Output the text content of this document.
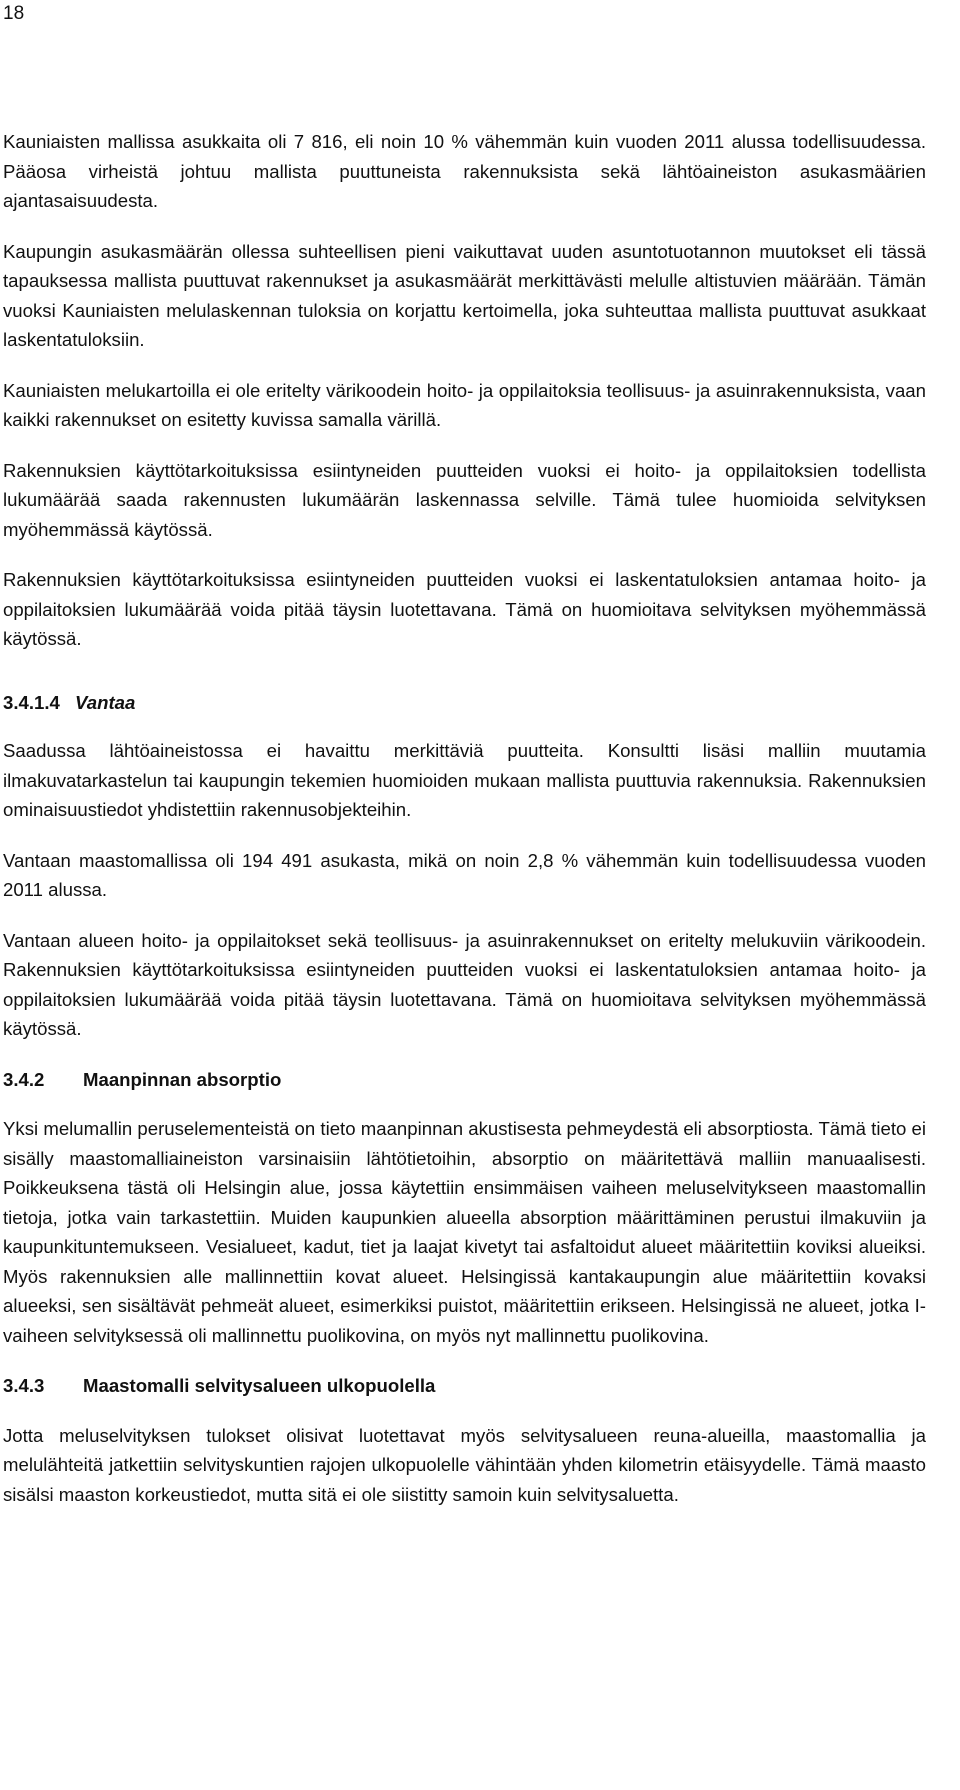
18

Kauniaisten mallissa asukkaita oli 7 816, eli noin 10 % vähemmän kuin vuoden 2011 alussa todellisuudessa. Pääosa virheistä johtuu mallista puuttuneista rakennuksista sekä lähtöaineiston asukasmäärien ajantasaisuudesta.

Kaupungin asukasmäärän ollessa suhteellisen pieni vaikuttavat uuden asuntotuotannon muutokset eli tässä tapauksessa mallista puuttuvat rakennukset ja asukasmäärät merkittävästi melulle altistuvien määrään. Tämän vuoksi Kauniaisten melulaskennan tuloksia on korjattu kertoimella, joka suhteuttaa mallista puuttuvat asukkaat laskentatuloksiin.

Kauniaisten melukartoilla ei ole eritelty värikoodein hoito- ja oppilaitoksia teollisuus- ja asuinrakennuksista, vaan kaikki rakennukset on esitetty kuvissa samalla värillä.

Rakennuksien käyttötarkoituksissa esiintyneiden puutteiden vuoksi ei hoito- ja oppilaitoksien todellista lukumäärää saada rakennusten lukumäärän laskennassa selville. Tämä tulee huomioida selvityksen myöhemmässä käytössä.

Rakennuksien käyttötarkoituksissa esiintyneiden puutteiden vuoksi ei laskentatuloksien antamaa hoito- ja oppilaitoksien lukumäärää voida pitää täysin luotettavana. Tämä on huomioitava selvityksen myöhemmässä käytössä.

3.4.1.4 Vantaa

Saadussa lähtöaineistossa ei havaittu merkittäviä puutteita. Konsultti lisäsi malliin muutamia ilmakuvatarkastelun tai kaupungin tekemien huomioiden mukaan mallista puuttuvia rakennuksia. Rakennuksien ominaisuustiedot yhdistettiin rakennusobjekteihin.

Vantaan maastomallissa oli 194 491 asukasta, mikä on noin 2,8 % vähemmän kuin todellisuudessa vuoden 2011 alussa.

Vantaan alueen hoito- ja oppilaitokset sekä teollisuus- ja asuinrakennukset on eritelty melukuviin värikoodein. Rakennuksien käyttötarkoituksissa esiintyneiden puutteiden vuoksi ei laskentatuloksien antamaa hoito- ja oppilaitoksien lukumäärää voida pitää täysin luotettavana. Tämä on huomioitava selvityksen myöhemmässä käytössä.

3.4.2 Maanpinnan absorptio

Yksi melumallin peruselementeistä on tieto maanpinnan akustisesta pehmeydestä eli absorptiosta. Tämä tieto ei sisälly maastomalliaineiston varsinaisiin lähtötietoihin, absorptio on määritettävä malliin manuaalisesti. Poikkeuksena tästä oli Helsingin alue, jossa käytettiin ensimmäisen vaiheen meluselvitykseen maastomallin tietoja, jotka vain tarkastettiin. Muiden kaupunkien alueella absorption määrittäminen perustui ilmakuviin ja kaupunkituntemukseen. Vesialueet, kadut, tiet ja laajat kivetyt tai asfaltoidut alueet määritettiin koviksi alueiksi. Myös rakennuksien alle mallinnettiin kovat alueet. Helsingissä kantakaupungin alue määritettiin kovaksi alueeksi, sen sisältävät pehmeät alueet, esimerkiksi puistot, määritettiin erikseen. Helsingissä ne alueet, jotka I-vaiheen selvityksessä oli mallinnettu puolikovina, on myös nyt mallinnettu puolikovina.

3.4.3 Maastomalli selvitysalueen ulkopuolella

Jotta meluselvityksen tulokset olisivat luotettavat myös selvitysalueen reuna-alueilla, maastomallia ja melulähteitä jatkettiin selvityskuntien rajojen ulkopuolelle vähintään yhden kilometrin etäisyydelle. Tämä maasto sisälsi maaston korkeustiedot, mutta sitä ei ole siistitty samoin kuin selvitysaluetta.
